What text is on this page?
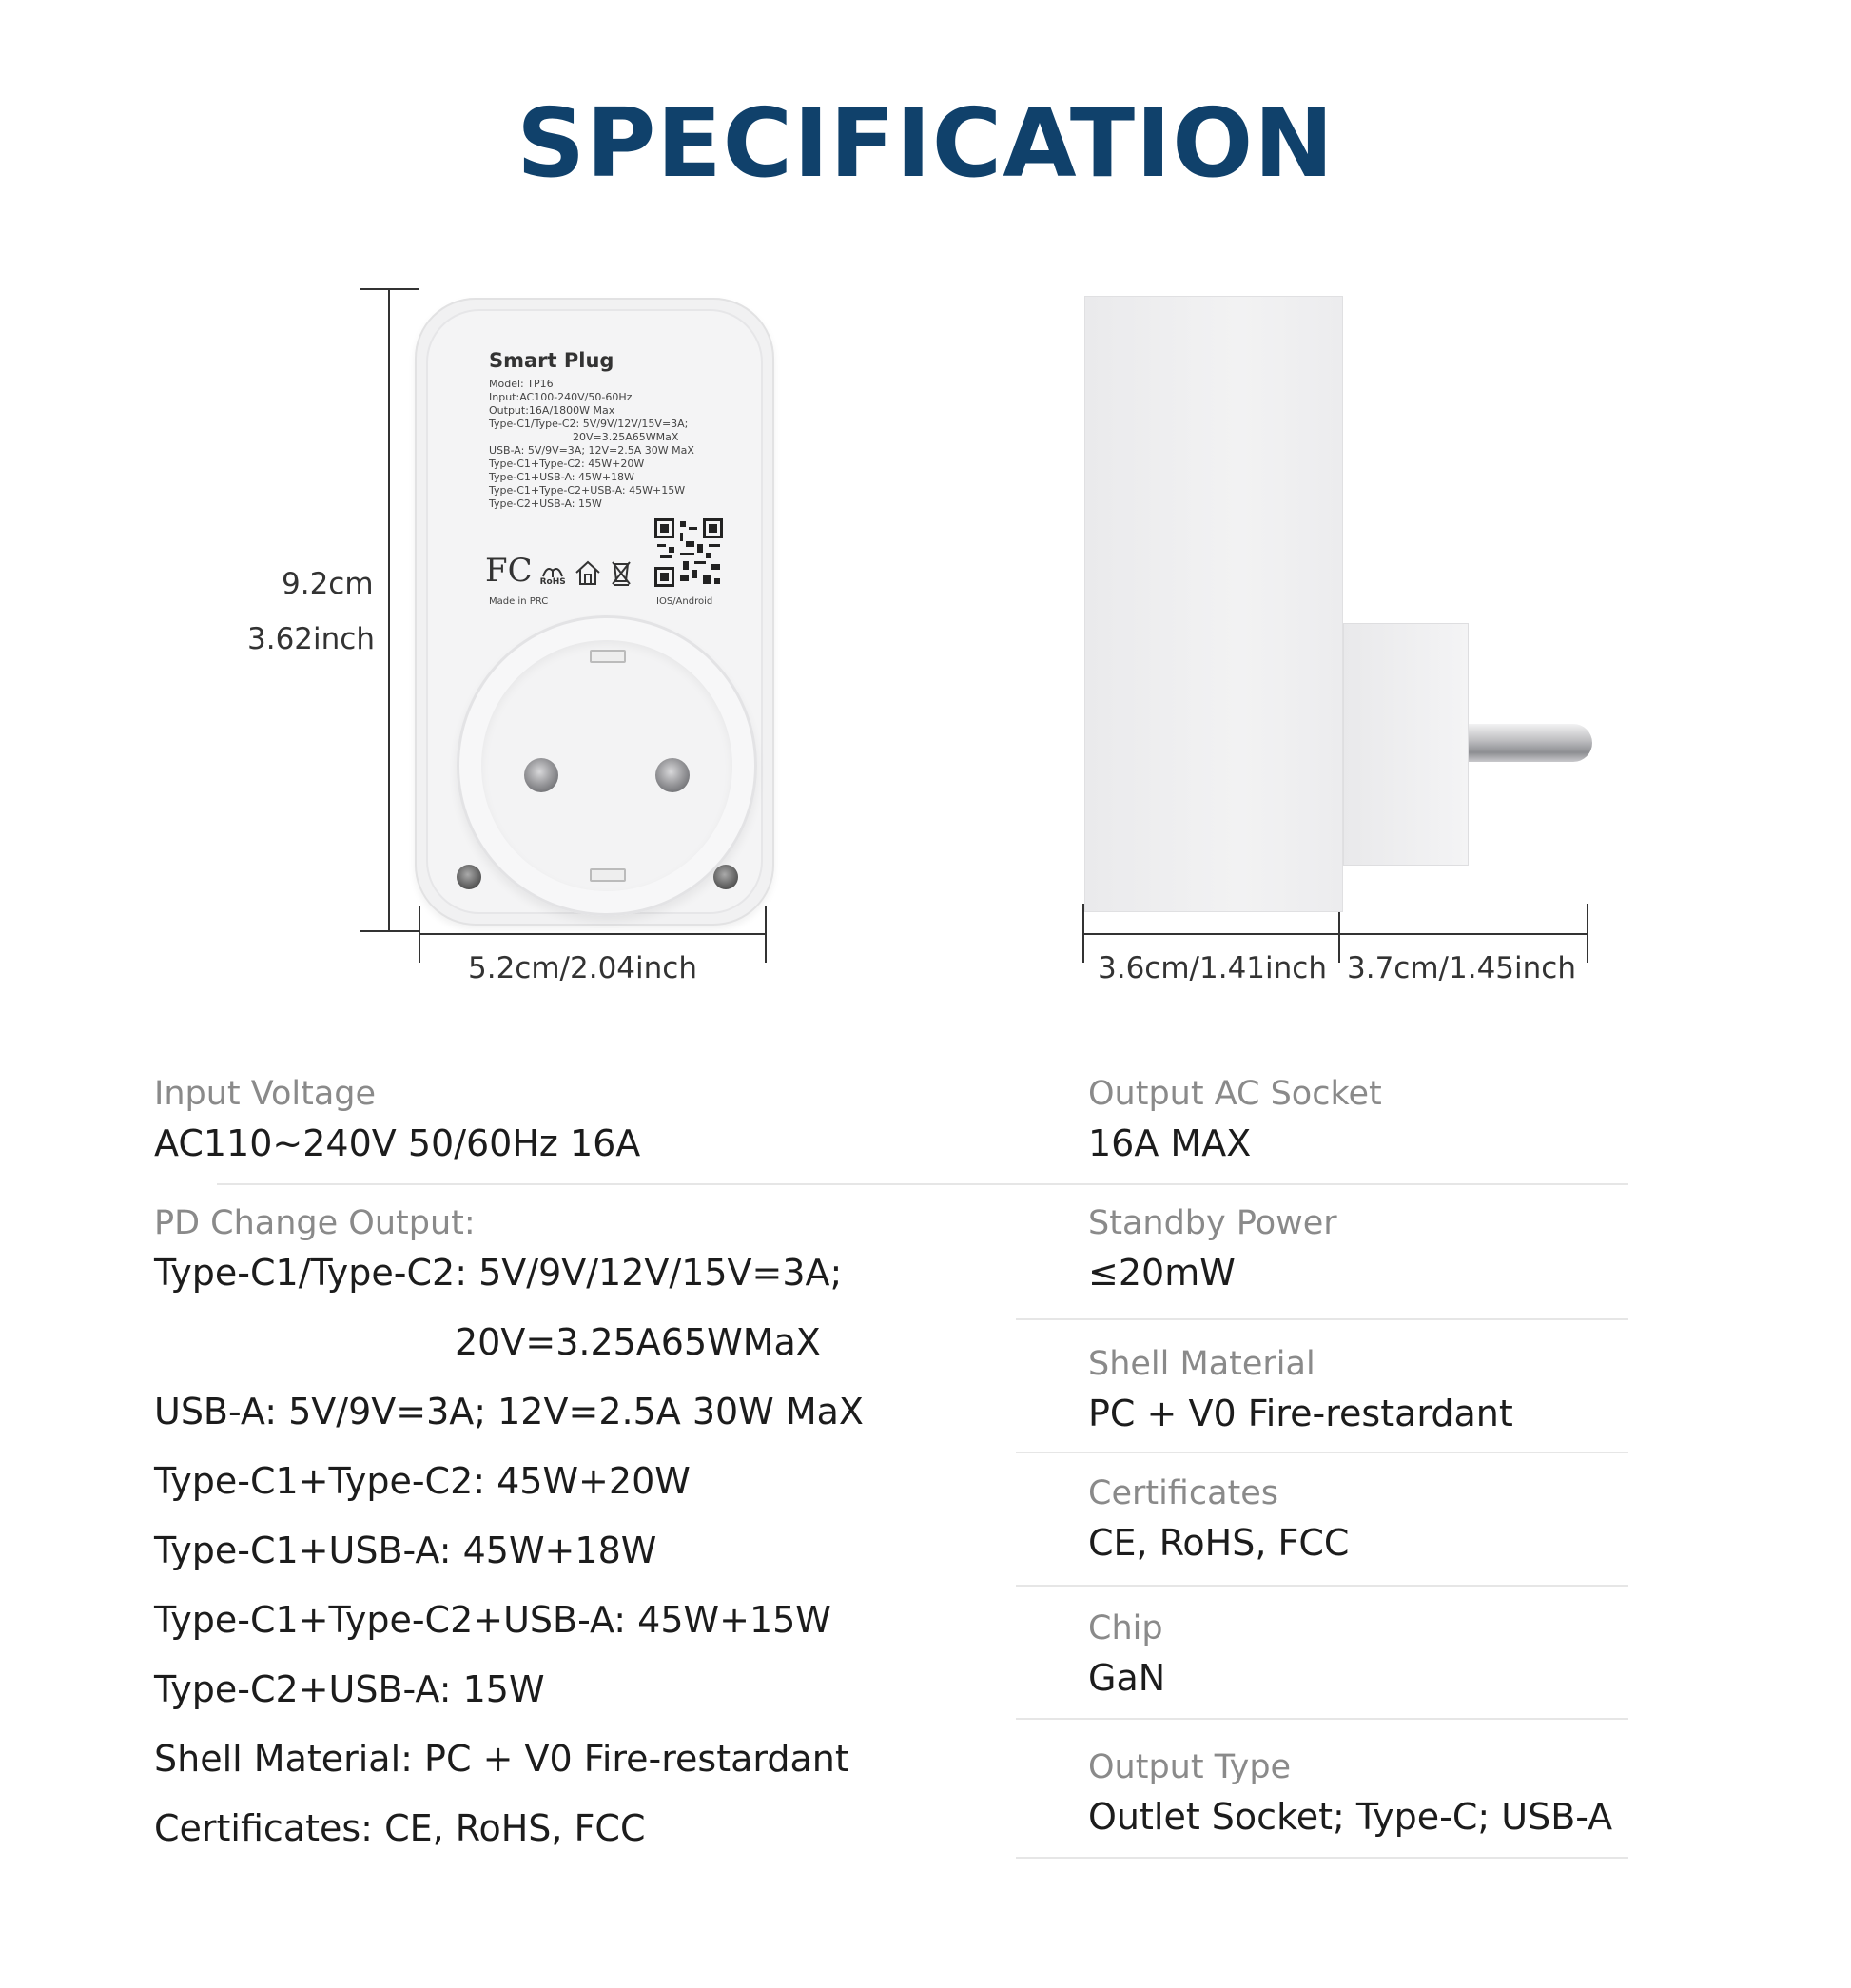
SPECIFICATION
9.2cm
3.62inch
5.2cm/2.04inch	3.6cm/1.41inch 3.7cm/1.45inch
Smart Plug
Model: TP16
Input:AC100-240V/50-60Hz
Output:16A/1800W Max
Type-C1/Type-C2: 5V/9V/12V/15V=3A;
20V=3.25A65WMaX
USB-A: 5V/9V=3A; 12V=2.5A 30W MaX
Type-C1+Type-C2: 45W+20W
Type-C1+USB-A: 45W+18W
Type-C1+Type-C2+USB-A: 45W+15W
Type-C2+USB-A: 15W
FC RoHS
Made in PRC	IOS/Android
Input Voltage
AC110~240V 50/60Hz 16A
PD Change Output:
Type-C1/Type-C2: 5V/9V/12V/15V=3A;
20V=3.25A65WMaX
USB-A: 5V/9V=3A; 12V=2.5A 30W MaX
Type-C1+Type-C2: 45W+20W
Type-C1+USB-A: 45W+18W
Type-C1+Type-C2+USB-A: 45W+15W
Type-C2+USB-A: 15W
Shell Material: PC + V0 Fire-restardant
Certificates: CE, RoHS, FCC
Output AC Socket
16A MAX
Standby Power
≤20mW
Shell Material
PC + V0 Fire-restardant
Certificates
CE, RoHS, FCC
Chip
GaN
Output Type
Outlet Socket; Type-C; USB-A
